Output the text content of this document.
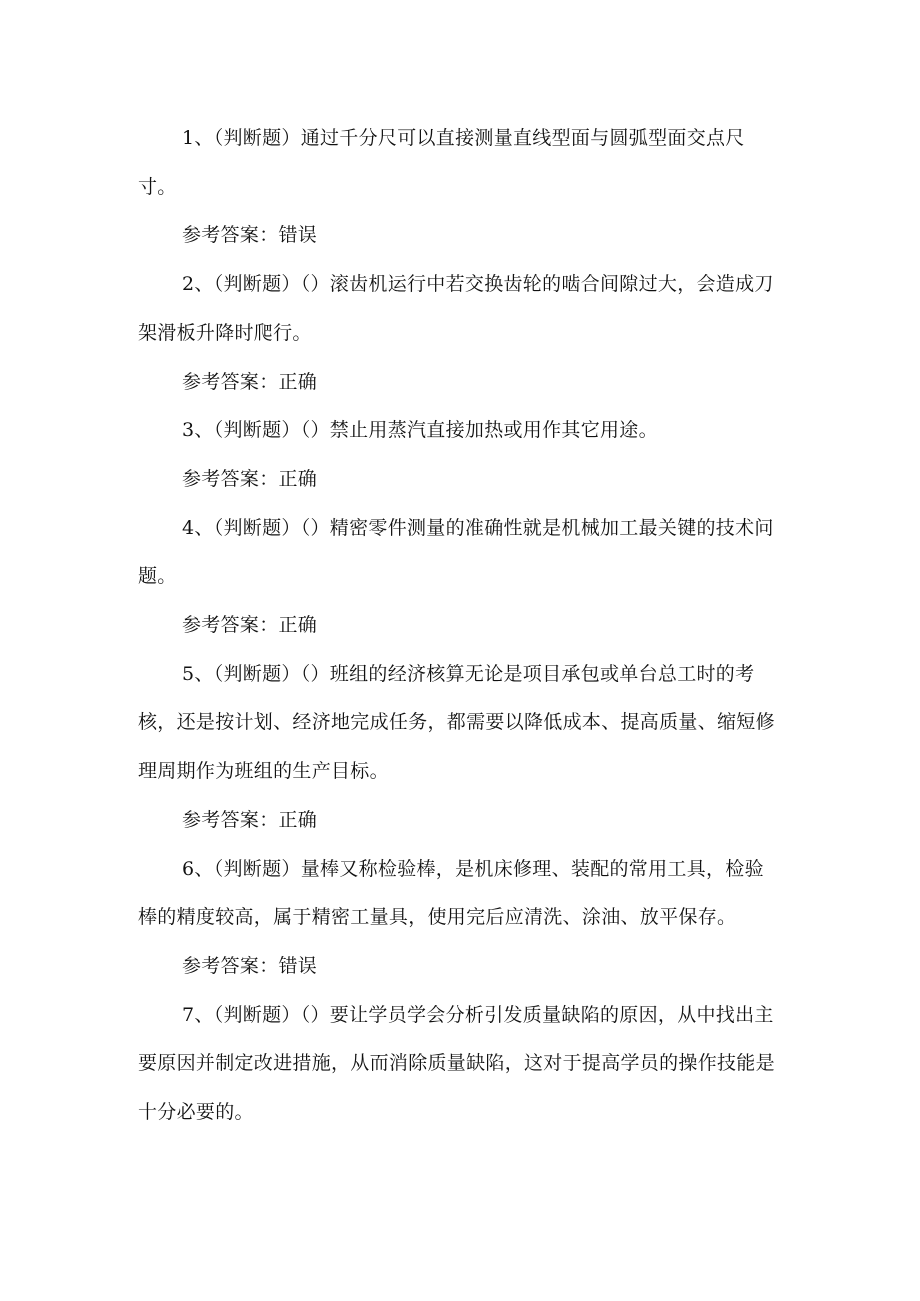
1、（判断题）通过千分尺可以直接测量直线型面与圆弧型面交点尺寸。

参考答案：错误

2、（判断题）（）滚齿机运行中若交换齿轮的啮合间隙过大，会造成刀架滑板升降时爬行。

参考答案：正确

3、（判断题）（）禁止用蒸汽直接加热或用作其它用途。

参考答案：正确

4、（判断题）（）精密零件测量的准确性就是机械加工最关键的技术问题。

参考答案：正确

5、（判断题）（）班组的经济核算无论是项目承包或单台总工时的考核，还是按计划、经济地完成任务，都需要以降低成本、提高质量、缩短修理周期作为班组的生产目标。

参考答案：正确

6、（判断题）量棒又称检验棒，是机床修理、装配的常用工具，检验棒的精度较高，属于精密工量具，使用完后应清洗、涂油、放平保存。

参考答案：错误

7、（判断题）（）要让学员学会分析引发质量缺陷的原因，从中找出主要原因并制定改进措施，从而消除质量缺陷，这对于提高学员的操作技能是十分必要的。
